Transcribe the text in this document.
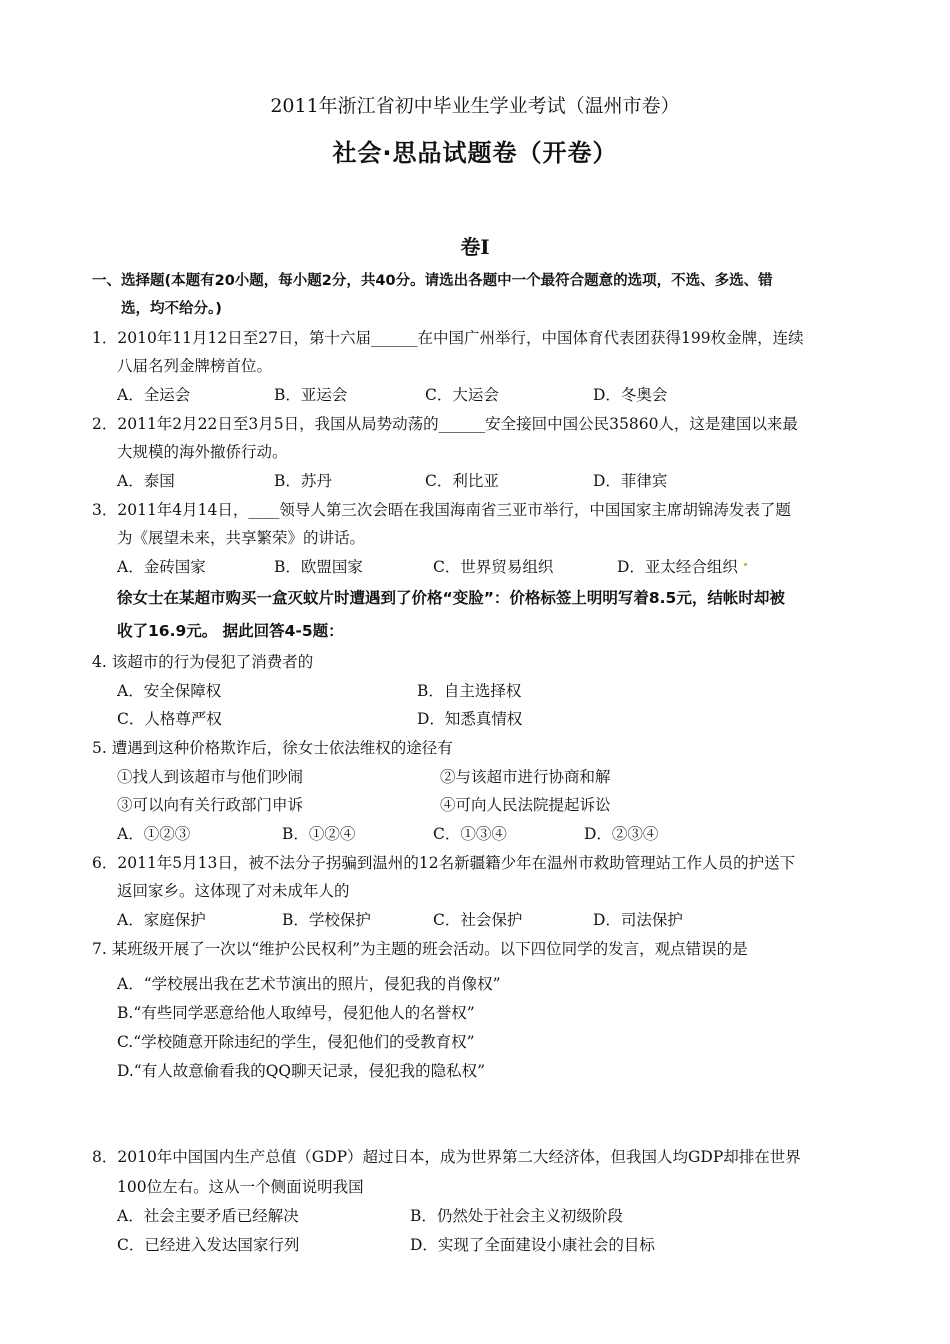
2011年浙江省初中毕业生学业考试（温州市卷）
社会·思品试题卷（开卷）
卷Ⅰ
一、选择题(本题有20小题，每小题2分，共40分。请选出各题中一个最符合题意的选项，不选、多选、错
选，均不给分。)
1．2010年11月12日至27日，第十六届______在中国广州举行，中国体育代表团获得199枚金牌，连续
八届名列金牌榜首位。
A．全运会	B．亚运会	C．大运会	D．冬奥会
2．2011年2月22日至3月5日，我国从局势动荡的______安全接回中国公民35860人，这是建国以来最
大规模的海外撤侨行动。
A．泰国	B．苏丹	C．利比亚	D．菲律宾
3．2011年4月14日，____领导人第三次会晤在我国海南省三亚市举行，中国国家主席胡锦涛发表了题
为《展望未来，共享繁荣》的讲话。
A．金砖国家	B．欧盟国家	C．世界贸易组织	D．亚太经合组织
徐女士在某超市购买一盒灭蚊片时遭遇到了价格“变脸”：价格标签上明明写着8.5元，结帐时却被
收了16.9元。 据此回答4-5题：
4. 该超市的行为侵犯了消费者的
A．安全保障权	B．自主选择权
C．人格尊严权	D．知悉真情权
5. 遭遇到这种价格欺诈后，徐女士依法维权的途径有
①找人到该超市与他们吵闹	②与该超市进行协商和解
③可以向有关行政部门申诉	④可向人民法院提起诉讼
A．①②③	B．①②④	C．①③④	D．②③④
6．2011年5月13日，被不法分子拐骗到温州的12名新疆籍少年在温州市救助管理站工作人员的护送下
返回家乡。这体现了对未成年人的
A．家庭保护	B．学校保护	C．社会保护	D．司法保护
7. 某班级开展了一次以“维护公民权利”为主题的班会活动。以下四位同学的发言，观点错误的是
A．“学校展出我在艺术节演出的照片，侵犯我的肖像权”
B.“有些同学恶意给他人取绰号，侵犯他人的名誉权”
C.“学校随意开除违纪的学生，侵犯他们的受教育权”
D.“有人故意偷看我的QQ聊天记录，侵犯我的隐私权”
8．2010年中国国内生产总值（GDP）超过日本，成为世界第二大经济体，但我国人均GDP却排在世界
100位左右。这从一个侧面说明我国
A．社会主要矛盾已经解决	B．仍然处于社会主义初级阶段
C．已经进入发达国家行列	D．实现了全面建设小康社会的目标
